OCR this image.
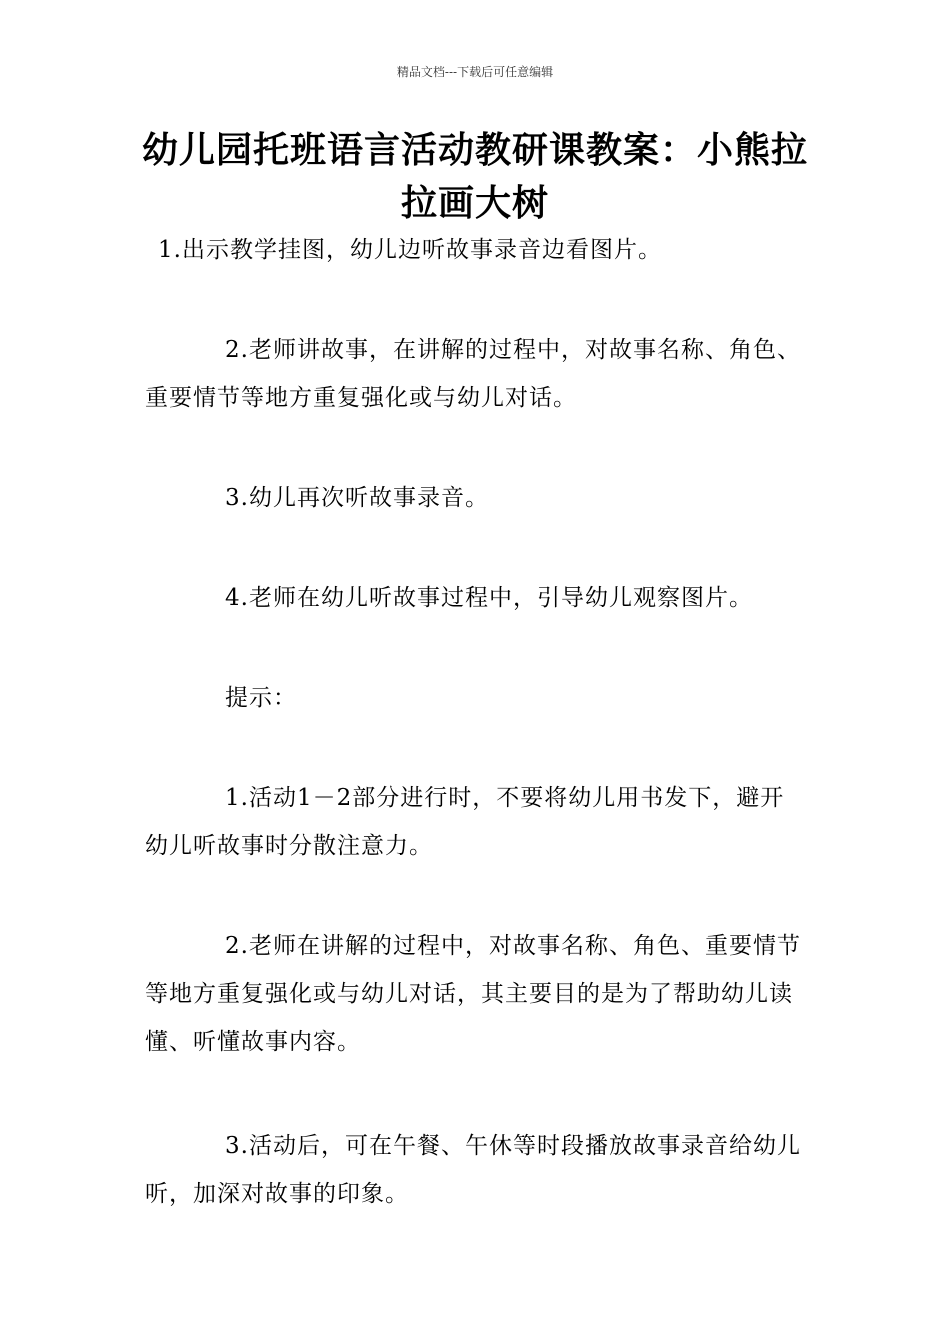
精品文档---下载后可任意编辑
幼儿园托班语言活动教研课教案：小熊拉拉画大树

1.出示教学挂图，幼儿边听故事录音边看图片。

2.老师讲故事，在讲解的过程中，对故事名称、角色、重要情节等地方重复强化或与幼儿对话。

3.幼儿再次听故事录音。

4.老师在幼儿听故事过程中，引导幼儿观察图片。

提示：

1.活动1－2部分进行时，不要将幼儿用书发下，避开幼儿听故事时分散注意力。

2.老师在讲解的过程中，对故事名称、角色、重要情节等地方重复强化或与幼儿对话，其主要目的是为了帮助幼儿读懂、听懂故事内容。

3.活动后，可在午餐、午休等时段播放故事录音给幼儿听，加深对故事的印象。
